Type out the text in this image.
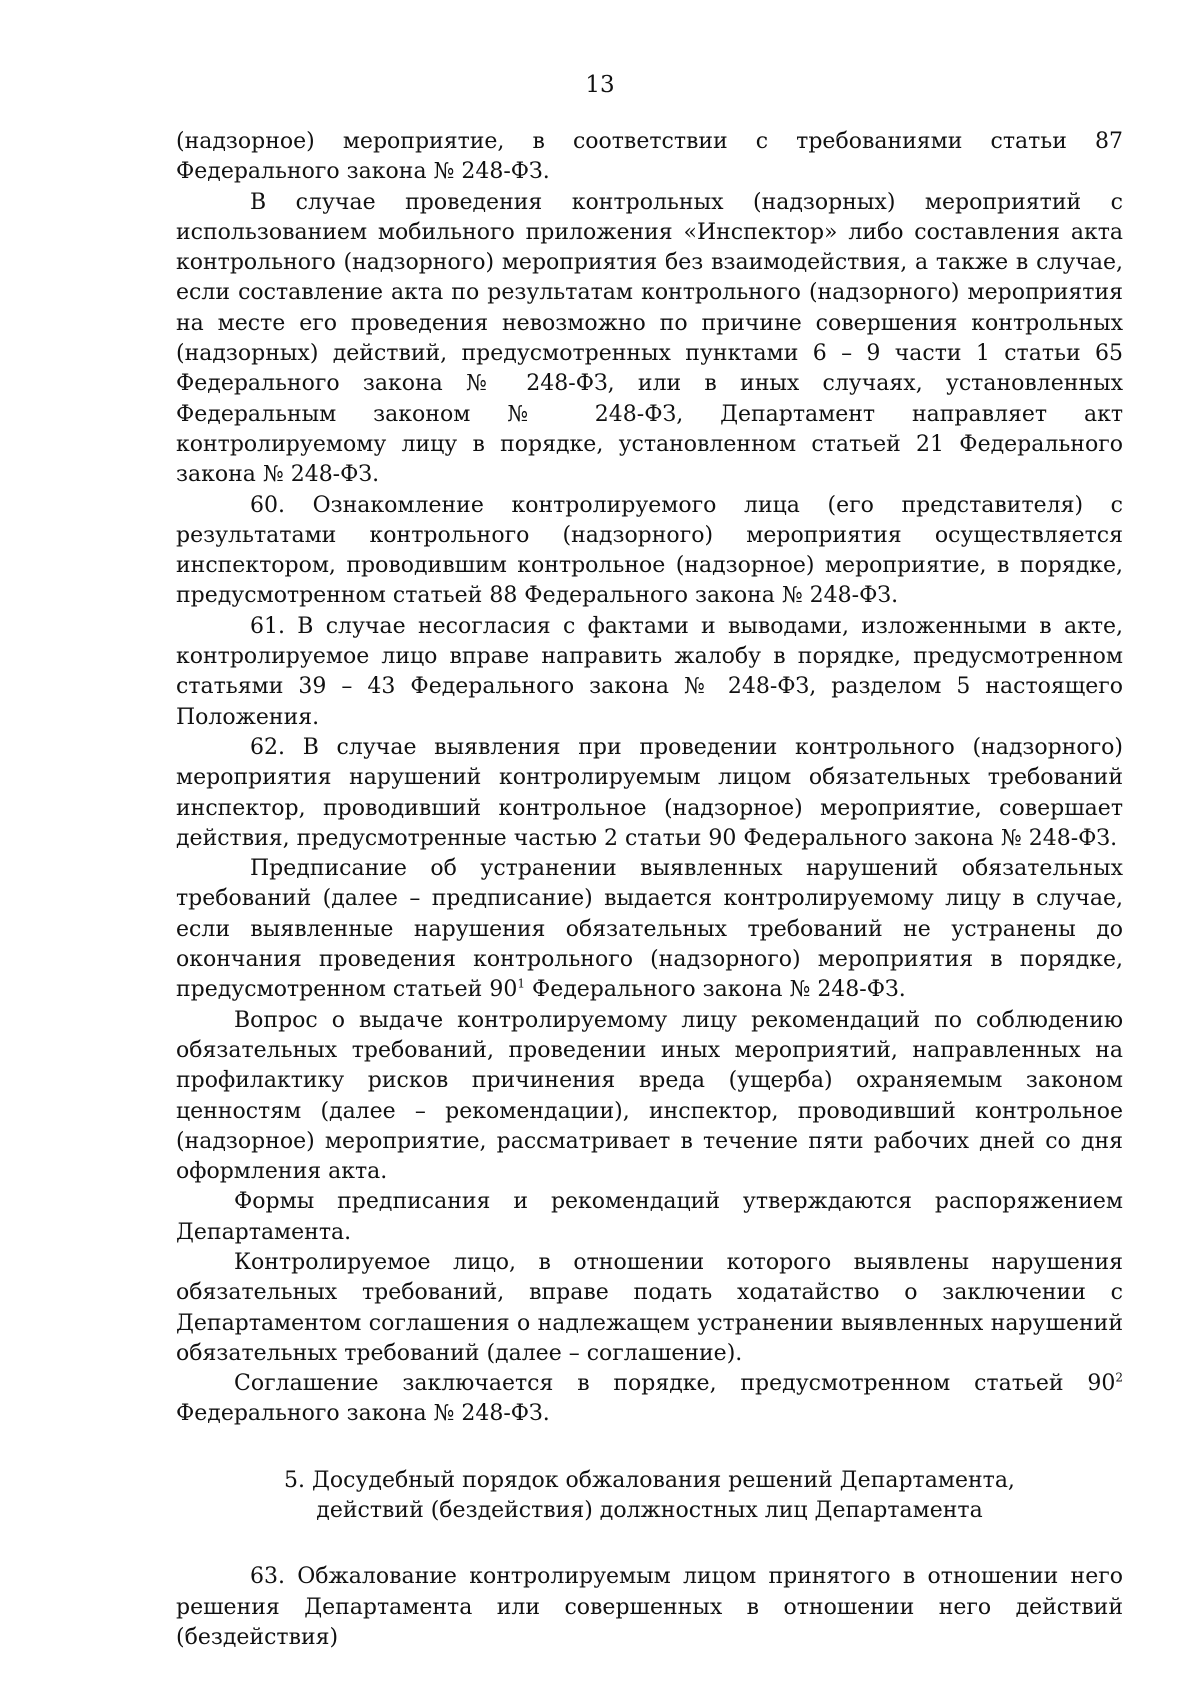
13

(надзорное) мероприятие, в соответствии с требованиями статьи 87 Федерального закона № 248-ФЗ.

В случае проведения контрольных (надзорных) мероприятий с использованием мобильного приложения «Инспектор» либо составления акта контрольного (надзорного) мероприятия без взаимодействия, а также в случае, если составление акта по результатам контрольного (надзорного) мероприятия на месте его проведения невозможно по причине совершения контрольных (надзорных) действий, предусмотренных пунктами 6 – 9 части 1 статьи 65 Федерального закона № 248-ФЗ, или в иных случаях, установленных Федеральным законом № 248-ФЗ, Департамент направляет акт контролируемому лицу в порядке, установленном статьей 21 Федерального закона № 248-ФЗ.

60. Ознакомление контролируемого лица (его представителя) с результатами контрольного (надзорного) мероприятия осуществляется инспектором, проводившим контрольное (надзорное) мероприятие, в порядке, предусмотренном статьей 88 Федерального закона № 248-ФЗ.

61. В случае несогласия с фактами и выводами, изложенными в акте, контролируемое лицо вправе направить жалобу в порядке, предусмотренном статьями 39 – 43 Федерального закона № 248-ФЗ, разделом 5 настоящего Положения.

62. В случае выявления при проведении контрольного (надзорного) мероприятия нарушений контролируемым лицом обязательных требований инспектор, проводивший контрольное (надзорное) мероприятие, совершает действия, предусмотренные частью 2 статьи 90 Федерального закона № 248-ФЗ.

Предписание об устранении выявленных нарушений обязательных требований (далее – предписание) выдается контролируемому лицу в случае, если выявленные нарушения обязательных требований не устранены до окончания проведения контрольного (надзорного) мероприятия в порядке, предусмотренном статьей $90^1$ Федерального закона № 248-ФЗ.

Вопрос о выдаче контролируемому лицу рекомендаций по соблюдению обязательных требований, проведении иных мероприятий, направленных на профилактику рисков причинения вреда (ущерба) охраняемым законом ценностям (далее – рекомендации), инспектор, проводивший контрольное (надзорное) мероприятие, рассматривает в течение пяти рабочих дней со дня оформления акта.

Формы предписания и рекомендаций утверждаются распоряжением Департамента.

Контролируемое лицо, в отношении которого выявлены нарушения обязательных требований, вправе подать ходатайство о заключении с Департаментом соглашения о надлежащем устранении выявленных нарушений обязательных требований (далее – соглашение).

Соглашение заключается в порядке, предусмотренном статьей $90^2$ Федерального закона № 248-ФЗ.

5. Досудебный порядок обжалования решений Департамента,
действий (бездействия) должностных лиц Департамента

63. Обжалование контролируемым лицом принятого в отношении него решения Департамента или совершенных в отношении него действий (бездействия)
